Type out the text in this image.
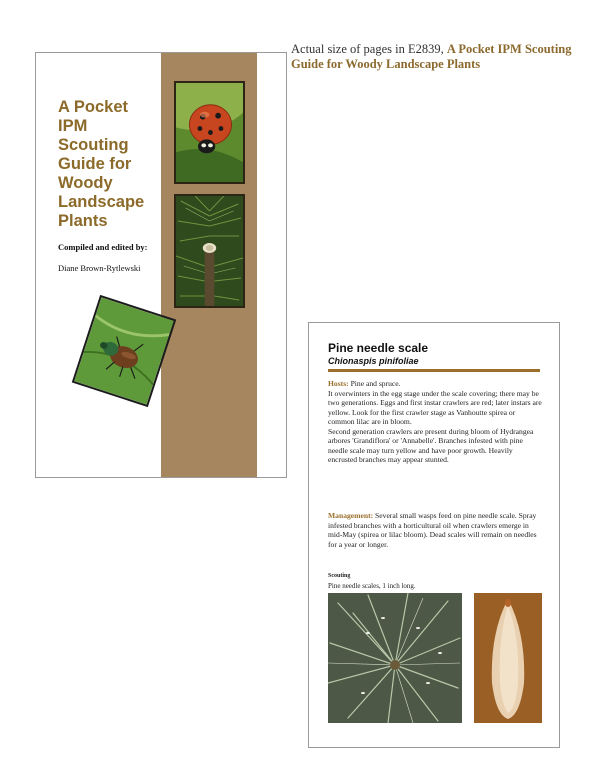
Actual size of pages in E2839, A Pocket IPM Scouting Guide for Woody Landscape Plants
A Pocket
IPM
Scouting
Guide for
Woody
Landscape
Plants
Compiled and edited by:
Diane Brown-Rytlewski
Pine needle scale
Chionaspis pinifoliae
Hosts: Pine and spruce.
It overwinters in the egg stage under the scale covering; there may be two generations. Eggs and first instar crawlers are red; later instars are yellow. Look for the first crawler stage as Vanhoutte spirea or common lilac are in bloom.
Second generation crawlers are present during bloom of Hydrangea arbores 'Grandiflora' or 'Annabelle'. Branches infested with pine needle scale may turn yellow and have poor growth. Heavily encrusted branches may appear stunted.
Management: Several small wasps feed on pine needle scale. Spray infested branches with a horticultural oil when crawlers emerge in mid-May (spirea or lilac bloom). Dead scales will remain on needles for a year or longer.
Scouting
Pine needle scales, 1 inch long.
